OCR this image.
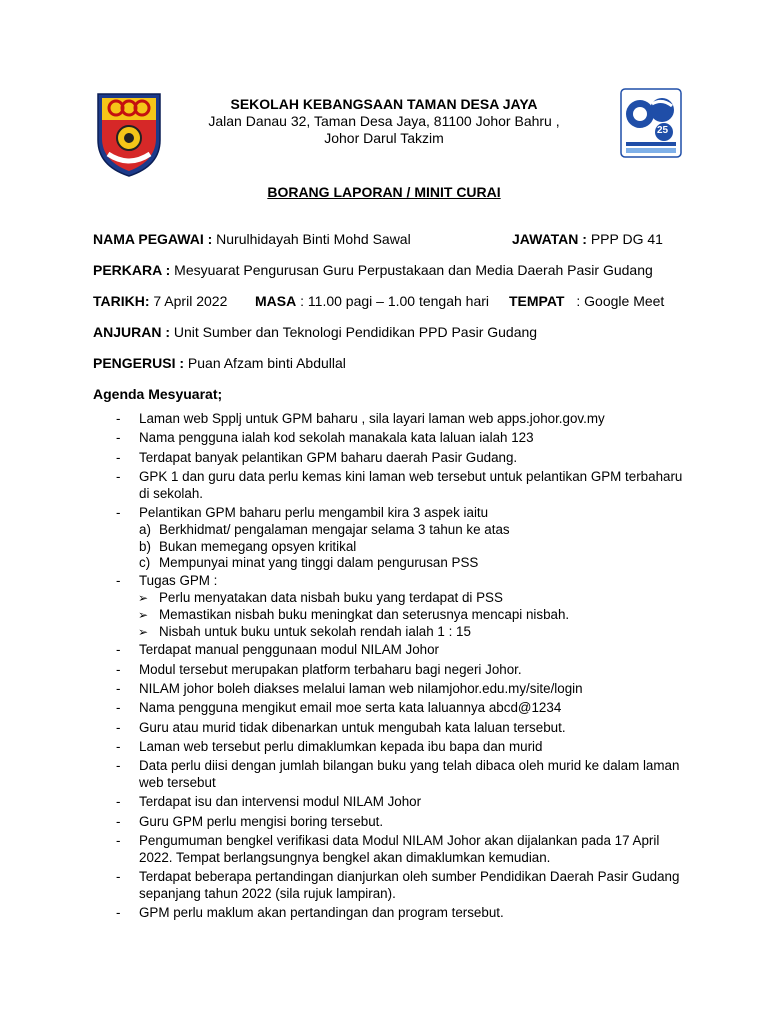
SEKOLAH KEBANGSAAN TAMAN DESA JAYA
Jalan Danau 32, Taman Desa Jaya, 81100 Johor Bahru ,
Johor Darul Takzim	25
BORANG LAPORAN / MINIT CURAI
NAMA PEGAWAI : Nurulhidayah Binti Mohd Sawal	JAWATAN : PPP DG 41
PERKARA : Mesyuarat Pengurusan Guru Perpustakaan dan Media Daerah Pasir Gudang
TARIKH: 7 April 2022 MASA : 11.00 pagi – 1.00 tengah hari TEMPAT : Google Meet
ANJURAN : Unit Sumber dan Teknologi Pendidikan PPD Pasir Gudang
PENGERUSI : Puan Afzam binti Abdullal
Agenda Mesyuarat;
- Laman web Spplj untuk GPM baharu , sila layari laman web apps.johor.gov.my
- Nama pengguna ialah kod sekolah manakala kata laluan ialah 123
- Terdapat banyak pelantikan GPM baharu daerah Pasir Gudang.
- GPK 1 dan guru data perlu kemas kini laman web tersebut untuk pelantikan GPM terbaharu di sekolah.
- Pelantikan GPM baharu perlu mengambil kira 3 aspek iaitu
a) Berkhidmat/ pengalaman mengajar selama 3 tahun ke atas
b) Bukan memegang opsyen kritikal
c) Mempunyai minat yang tinggi dalam pengurusan PSS
- Tugas GPM :
➢ Perlu menyatakan data nisbah buku yang terdapat di PSS
➢ Memastikan nisbah buku meningkat dan seterusnya mencapi nisbah.
➢ Nisbah untuk buku untuk sekolah rendah ialah 1 : 15
- Terdapat manual penggunaan modul NILAM Johor
- Modul tersebut merupakan platform terbaharu bagi negeri Johor.
- NILAM johor boleh diakses melalui laman web nilamjohor.edu.my/site/login
- Nama pengguna mengikut email moe serta kata laluannya abcd@1234
- Guru atau murid tidak dibenarkan untuk mengubah kata laluan tersebut.
- Laman web tersebut perlu dimaklumkan kepada ibu bapa dan murid
- Data perlu diisi dengan jumlah bilangan buku yang telah dibaca oleh murid ke dalam laman web tersebut
- Terdapat isu dan intervensi modul NILAM Johor
- Guru GPM perlu mengisi boring tersebut.
- Pengumuman bengkel verifikasi data Modul NILAM Johor akan dijalankan pada 17 April 2022. Tempat berlangsungnya bengkel akan dimaklumkan kemudian.
- Terdapat beberapa pertandingan dianjurkan oleh sumber Pendidikan Daerah Pasir Gudang sepanjang tahun 2022 (sila rujuk lampiran).
- GPM perlu maklum akan pertandingan dan program tersebut.
